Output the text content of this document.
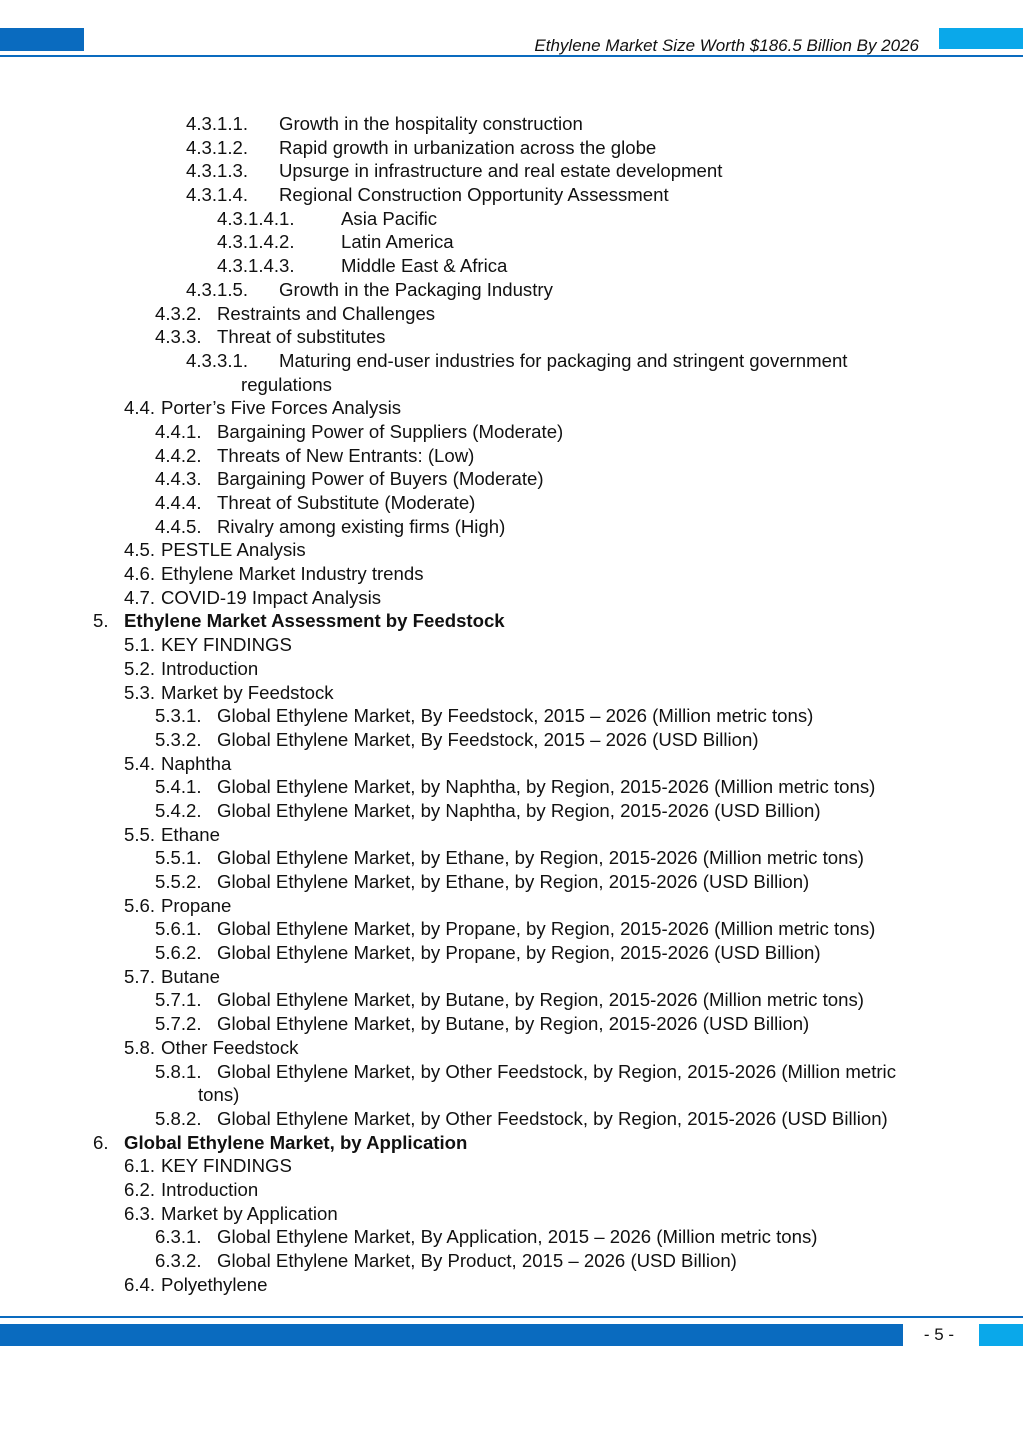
Ethylene Market Size Worth $186.5 Billion By 2026
4.3.1.1. Growth in the hospitality construction
4.3.1.2. Rapid growth in urbanization across the globe
4.3.1.3. Upsurge in infrastructure and real estate development
4.3.1.4. Regional Construction Opportunity Assessment
4.3.1.4.1. Asia Pacific
4.3.1.4.2. Latin America
4.3.1.4.3. Middle East & Africa
4.3.1.5. Growth in the Packaging Industry
4.3.2. Restraints and Challenges
4.3.3. Threat of substitutes
4.3.3.1. Maturing end-user industries for packaging and stringent government
regulations
4.4. Porter’s Five Forces Analysis
4.4.1. Bargaining Power of Suppliers (Moderate)
4.4.2. Threats of New Entrants: (Low)
4.4.3. Bargaining Power of Buyers (Moderate)
4.4.4. Threat of Substitute (Moderate)
4.4.5. Rivalry among existing firms (High)
4.5. PESTLE Analysis
4.6. Ethylene Market Industry trends
4.7. COVID-19 Impact Analysis
5. Ethylene Market Assessment by Feedstock
5.1. KEY FINDINGS
5.2. Introduction
5.3. Market by Feedstock
5.3.1. Global Ethylene Market, By Feedstock, 2015 – 2026 (Million metric tons)
5.3.2. Global Ethylene Market, By Feedstock, 2015 – 2026 (USD Billion)
5.4. Naphtha
5.4.1. Global Ethylene Market, by Naphtha, by Region, 2015-2026 (Million metric tons)
5.4.2. Global Ethylene Market, by Naphtha, by Region, 2015-2026 (USD Billion)
5.5. Ethane
5.5.1. Global Ethylene Market, by Ethane, by Region, 2015-2026 (Million metric tons)
5.5.2. Global Ethylene Market, by Ethane, by Region, 2015-2026 (USD Billion)
5.6. Propane
5.6.1. Global Ethylene Market, by Propane, by Region, 2015-2026 (Million metric tons)
5.6.2. Global Ethylene Market, by Propane, by Region, 2015-2026 (USD Billion)
5.7. Butane
5.7.1. Global Ethylene Market, by Butane, by Region, 2015-2026 (Million metric tons)
5.7.2. Global Ethylene Market, by Butane, by Region, 2015-2026 (USD Billion)
5.8. Other Feedstock
5.8.1. Global Ethylene Market, by Other Feedstock, by Region, 2015-2026 (Million metric
tons)
5.8.2. Global Ethylene Market, by Other Feedstock, by Region, 2015-2026 (USD Billion)
6. Global Ethylene Market, by Application
6.1. KEY FINDINGS
6.2. Introduction
6.3. Market by Application
6.3.1. Global Ethylene Market, By Application, 2015 – 2026 (Million metric tons)
6.3.2. Global Ethylene Market, By Product, 2015 – 2026 (USD Billion)
6.4. Polyethylene
- 5 -
